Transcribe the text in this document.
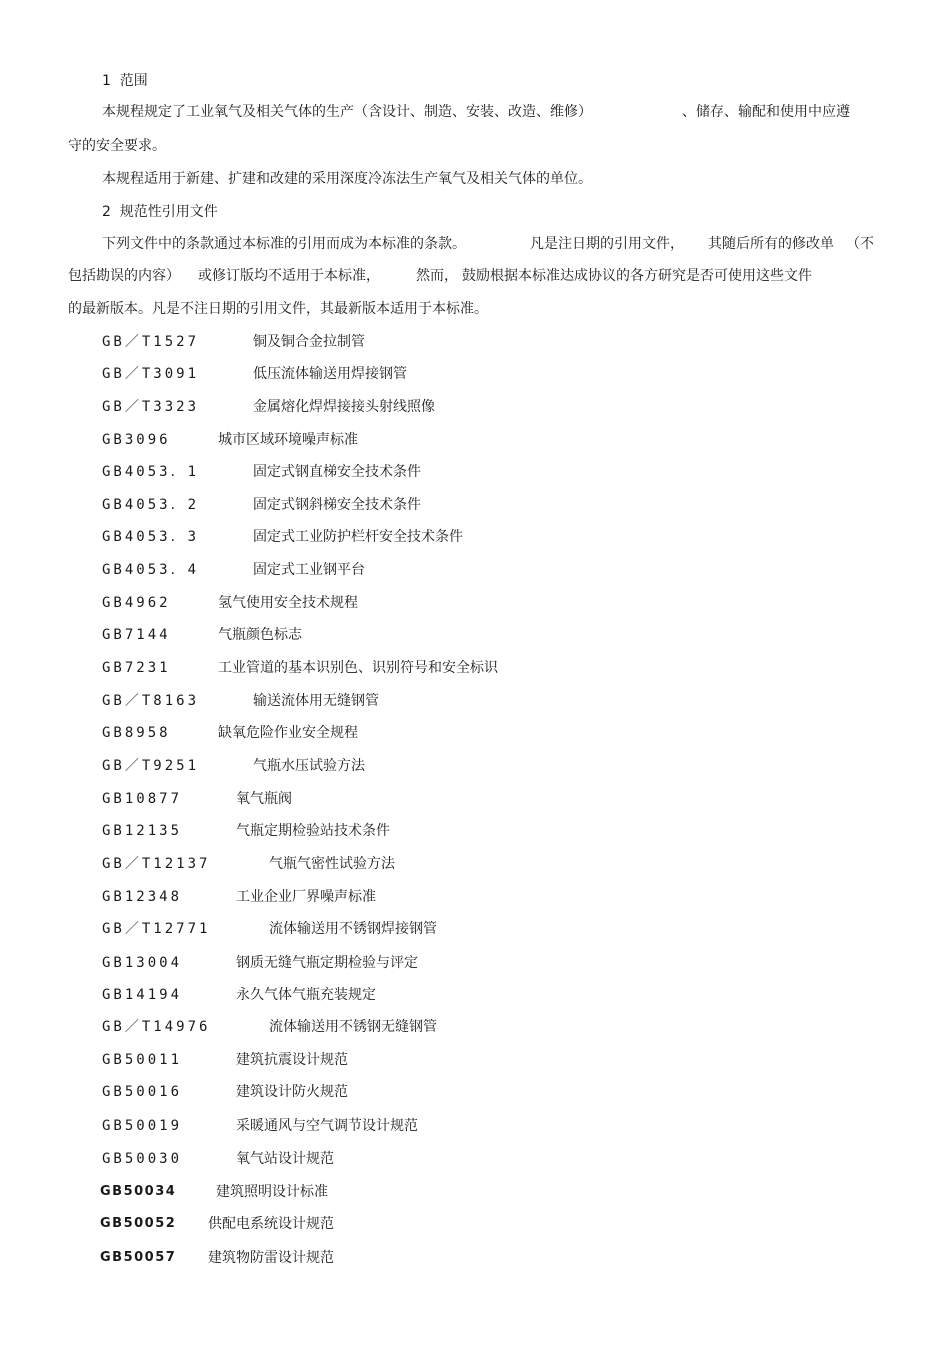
1  范围
本规程规定了工业氧气及相关气体的生产（含设计、制造、安装、改造、维修）	、储存、输配和使用中应遵
守的安全要求。
本规程适用于新建、扩建和改建的采用深度冷冻法生产氧气及相关气体的单位。
2  规范性引用文件
下列文件中的条款通过本标准的引用而成为本标准的条款。	凡是注日期的引用文件， 其随后所有的修改单 （不
包括勘误的内容） 或修订版均不适用于本标准，	然而， 鼓励根据本标准达成协议的各方研究是否可使用这些文件
的最新版本。凡是不注日期的引用文件，其最新版本适用于本标准。
GB／T1527	铜及铜合金拉制管
GB／T3091	低压流体输送用焊接钢管
GB／T3323	金属熔化焊焊接接头射线照像
GB3096	城市区域环境噪声标准
GB4053．1	固定式钢直梯安全技术条件
GB4053．2	固定式钢斜梯安全技术条件
GB4053．3	固定式工业防护栏杆安全技术条件
GB4053．4	固定式工业钢平台
GB4962	氢气使用安全技术规程
GB7144	气瓶颜色标志
GB7231	工业管道的基本识别色、识别符号和安全标识
GB／T8163	输送流体用无缝钢管
GB8958	缺氧危险作业安全规程
GB／T9251	气瓶水压试验方法
GB10877	氧气瓶阀
GB12135	气瓶定期检验站技术条件
GB／T12137	气瓶气密性试验方法
GB12348	工业企业厂界噪声标准
GB／T12771	流体输送用不锈钢焊接钢管
GB13004	钢质无缝气瓶定期检验与评定
GB14194	永久气体气瓶充装规定
GB／T14976	流体输送用不锈钢无缝钢管
GB50011	建筑抗震设计规范
GB50016	建筑设计防火规范
GB50019	采暖通风与空气调节设计规范
GB50030	氧气站设计规范
GB50034	建筑照明设计标准
GB50052 供配电系统设计规范
GB50057 建筑物防雷设计规范
